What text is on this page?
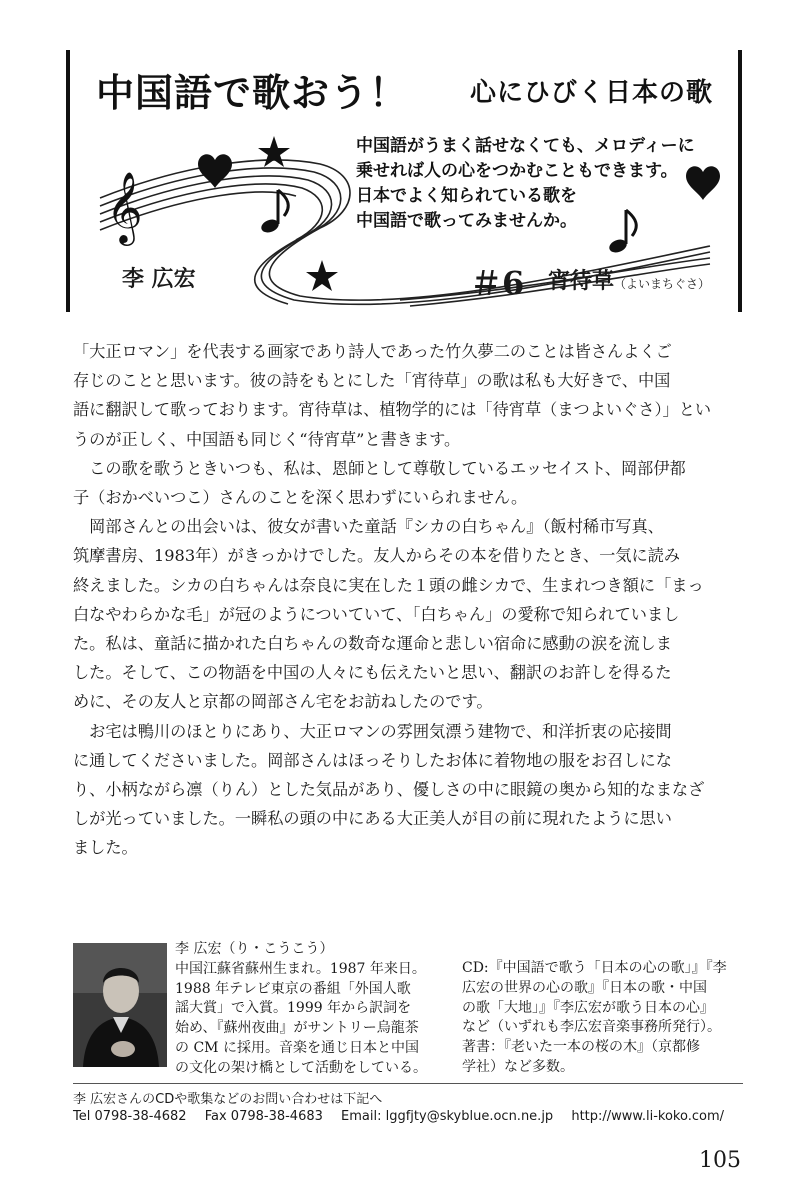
𝄞
中国語で歌おう！ 心にひびく日本の歌
中国語がうまく話せなくても、メロディーに
乗せれば人の心をつかむこともできます。
日本でよく知られている歌を
中国語で歌ってみませんか。
李 広宏	＃6 宵待草（よいまちぐさ）
「大正ロマン」を代表する画家であり詩人であった竹久夢二のことは皆さんよくご
存じのことと思います。彼の詩をもとにした「宵待草」の歌は私も大好きで、中国
語に翻訳して歌っております。宵待草は、植物学的には「待宵草（まつよいぐさ）」とい
うのが正しく、中国語も同じく“待宵草”と書きます。
　この歌を歌うときいつも、私は、恩師として尊敬しているエッセイスト、岡部伊都
子（おかべいつこ）さんのことを深く思わずにいられません。
　岡部さんとの出会いは、彼女が書いた童話『シカの白ちゃん』（飯村稀市写真、
筑摩書房、1983年）がきっかけでした。友人からその本を借りたとき、一気に読み
終えました。シカの白ちゃんは奈良に実在した１頭の雌シカで、生まれつき額に「まっ
白なやわらかな毛」が冠のようについていて、「白ちゃん」の愛称で知られていまし
た。私は、童話に描かれた白ちゃんの数奇な運命と悲しい宿命に感動の涙を流しま
した。そして、この物語を中国の人々にも伝えたいと思い、翻訳のお許しを得るた
めに、その友人と京都の岡部さん宅をお訪ねしたのです。
　お宅は鴨川のほとりにあり、大正ロマンの雰囲気漂う建物で、和洋折衷の応接間
に通してくださいました。岡部さんはほっそりしたお体に着物地の服をお召しにな
り、小柄ながら凛（りん）とした気品があり、優しさの中に眼鏡の奥から知的なまなざ
しが光っていました。一瞬私の頭の中にある大正美人が目の前に現れたように思い
ました。
李 広宏（り・こうこう）
中国江蘇省蘇州生まれ。1987 年来日。
1988 年テレビ東京の番組「外国人歌
謡大賞」で入賞。1999 年から訳詞を
始め、『蘇州夜曲』がサントリー烏龍茶
の CM に採用。音楽を通じ日本と中国
の文化の架け橋として活動をしている。
CD:『中国語で歌う「日本の心の歌」』『李
広宏の世界の心の歌』『日本の歌・中国
の歌「大地」』『李広宏が歌う日本の心』
など（いずれも李広宏音楽事務所発行）。
著書：『老いた一本の桜の木』（京都修
学社）など多数。
李 広宏さんのCDや歌集などのお問い合わせは下記へ
Tel 0798-38-4682 Fax 0798-38-4683 Email: lggfjty@skyblue.ocn.ne.jp http://www.li-koko.com/
105
